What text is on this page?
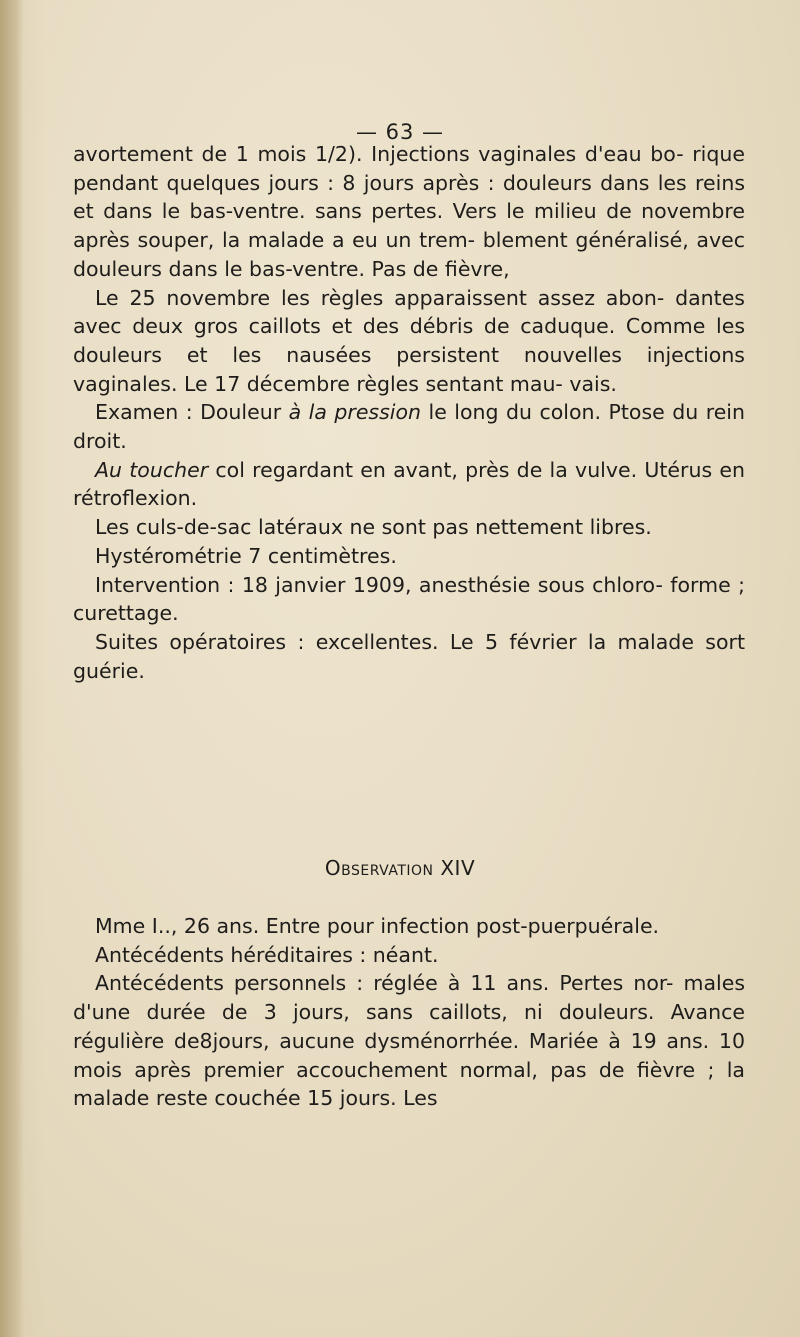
— 63 —

avortement de 1 mois 1/2). Injections vaginales d'eau bo- rique pendant quelques jours : 8 jours après : douleurs dans les reins et dans le bas-ventre. sans pertes. Vers le milieu de novembre après souper, la malade a eu un trem- blement généralisé, avec douleurs dans le bas-ventre. Pas de fièvre,

Le 25 novembre les règles apparaissent assez abon- dantes avec deux gros caillots et des débris de caduque. Comme les douleurs et les nausées persistent nouvelles injections vaginales. Le 17 décembre règles sentant mau- vais.

Examen : Douleur à la pression le long du colon. Ptose du rein droit.

Au toucher col regardant en avant, près de la vulve. Utérus en rétroflexion.

Les culs-de-sac latéraux ne sont pas nettement libres.

Hystérométrie 7 centimètres.

Intervention : 18 janvier 1909, anesthésie sous chloro- forme ; curettage.

Suites opératoires : excellentes. Le 5 février la malade sort guérie.

Observation XIV

Mme I.., 26 ans. Entre pour infection post-puerpuérale.

Antécédents héréditaires : néant.

Antécédents personnels : réglée à 11 ans. Pertes nor- males d'une durée de 3 jours, sans caillots, ni douleurs. Avance régulière de8jours, aucune dysménorrhée. Mariée à 19 ans. 10 mois après premier accouchement normal, pas de fièvre ; la malade reste couchée 15 jours. Les
